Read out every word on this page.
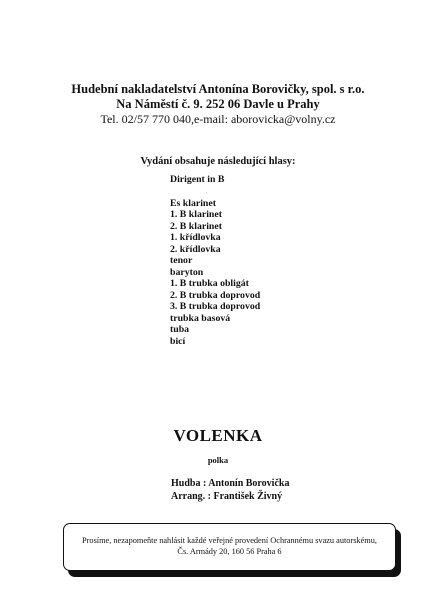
Hudební nakladatelství Antonína Borovičky, spol. s r.o.
Na Náměstí č. 9. 252 06 Davle u Prahy
Tel. 02/57 770 040,e-mail: aborovicka@volny.cz
Vydání obsahuje následující hlasy:
Dirigent in B
Es klarinet
1. B klarinet
2. B klarinet
1. křídlovka
2. křídlovka
tenor
baryton
1. B trubka obligát
2. B trubka doprovod
3. B trubka doprovod
trubka basová
tuba
bicí
ˌ
VOLENKA
polka
Hudba : Antonín Borovička
Arrang. : František Živný
Prosíme, nezapomeňte nahlásit každé veřejné provedení Ochrannému svazu autorskému,
Čs. Armády 20, 160 56 Praha 6
